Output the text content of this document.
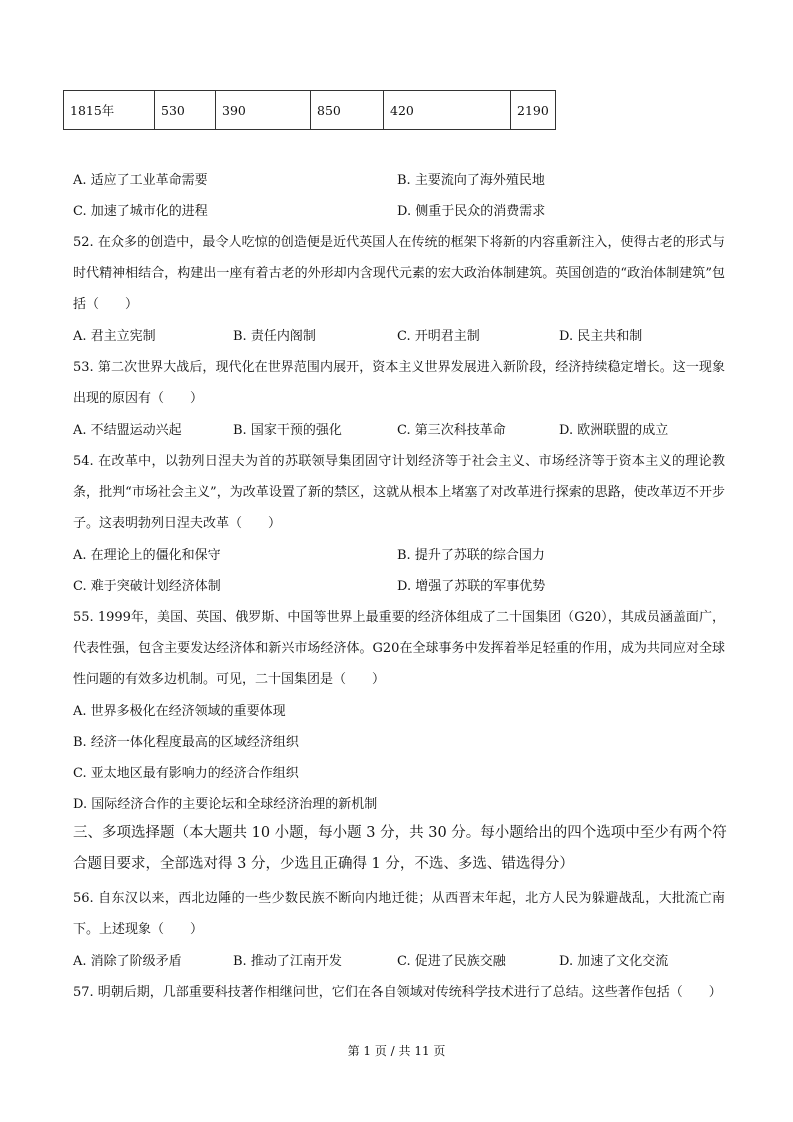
1815年	530	390	850	420	2190
A. 适应了工业革命需要	B. 主要流向了海外殖民地
C. 加速了城市化的进程	D. 侧重于民众的消费需求
52. 在众多的创造中，最令人吃惊的创造便是近代英国人在传统的框架下将新的内容重新注入，使得古老的形式与时代精神相结合，构建出一座有着古老的外形却内含现代元素的宏大政治体制建筑。英国创造的“政治体制建筑”包括（　　）
A. 君主立宪制	B. 责任内阁制	C. 开明君主制	D. 民主共和制
53. 第二次世界大战后，现代化在世界范围内展开，资本主义世界发展进入新阶段，经济持续稳定增长。这一现象出现的原因有（　　）
A. 不结盟运动兴起	B. 国家干预的强化	C. 第三次科技革命	D. 欧洲联盟的成立
54. 在改革中，以勃列日涅夫为首的苏联领导集团固守计划经济等于社会主义、市场经济等于资本主义的理论教条，批判“市场社会主义”，为改革设置了新的禁区，这就从根本上堵塞了对改革进行探索的思路，使改革迈不开步子。这表明勃列日涅夫改革（　　）
A. 在理论上的僵化和保守	B. 提升了苏联的综合国力
C. 难于突破计划经济体制	D. 增强了苏联的军事优势
55. 1999年，美国、英国、俄罗斯、中国等世界上最重要的经济体组成了二十国集团（G20），其成员涵盖面广，代表性强，包含主要发达经济体和新兴市场经济体。G20在全球事务中发挥着举足轻重的作用，成为共同应对全球性问题的有效多边机制。可见，二十国集团是（　　）
A. 世界多极化在经济领域的重要体现
B. 经济一体化程度最高的区域经济组织
C. 亚太地区最有影响力的经济合作组织
D. 国际经济合作的主要论坛和全球经济治理的新机制
三、多项选择题（本大题共 10 小题，每小题 3 分，共 30 分。每小题给出的四个选项中至少有两个符合题目要求，全部选对得 3 分，少选且正确得 1 分，不选、多选、错选得分）
56. 自东汉以来，西北边陲的一些少数民族不断向内地迁徙；从西晋末年起，北方人民为躲避战乱，大批流亡南下。上述现象（　　）
A. 消除了阶级矛盾	B. 推动了江南开发	C. 促进了民族交融	D. 加速了文化交流
57. 明朝后期，几部重要科技著作相继问世，它们在各自领域对传统科学技术进行了总结。这些著作包括（　　）
第 1 页 / 共 11 页
